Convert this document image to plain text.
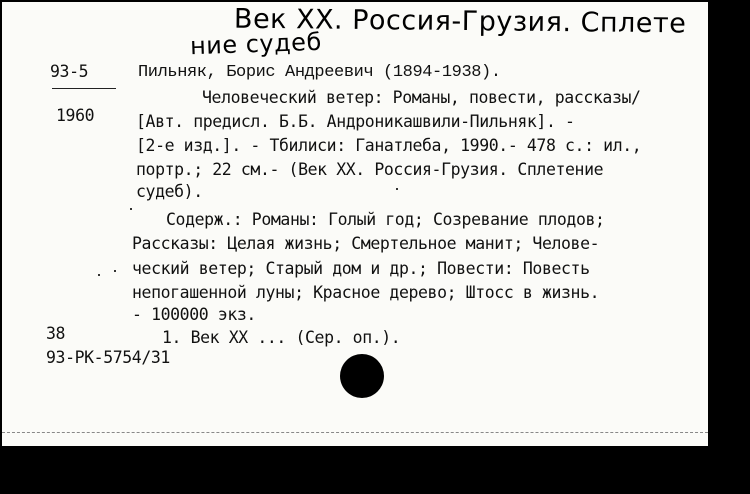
Век XX. Россия-Грузия. Сплете
ние судеб
93-5
1960
Пильняк, Борис Андреевич (1894-1938).
Человеческий ветер: Романы, повести, рассказы/
[Авт. предисл. Б.Б. Андроникашвили-Пильняк]. -
[2-е изд.]. - Тбилиси: Ганатлеба, 1990.- 478 с.: ил.,
портр.; 22 см.- (Век XX. Россия-Грузия. Сплетение
судеб).
Содерж.: Романы: Голый год; Созревание плодов;
Рассказы: Целая жизнь; Смертельное манит; Челове-
ческий ветер; Старый дом и др.; Повести: Повесть
непогашенной луны; Красное дерево; Штосс в жизнь.
- 100000 экз.
38	1. Век XX ... (Сер. оп.).
93-РК-5754/31
